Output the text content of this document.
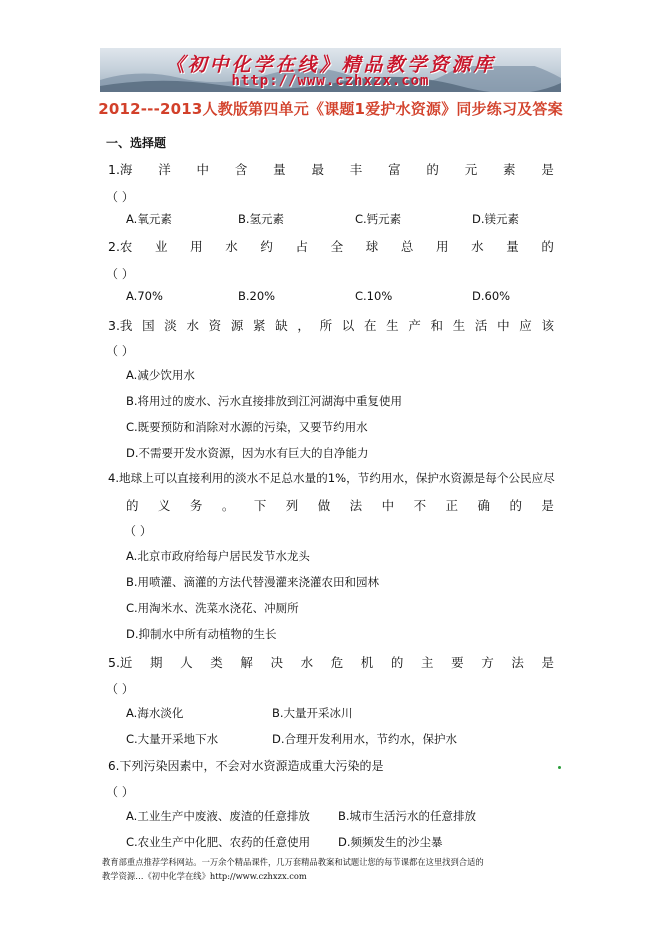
《初中化学在线》精品教学资源库
http://www.czhxzx.com
2012---2013人教版第四单元《课题1爱护水资源》同步练习及答案
一、选择题
1.海 洋 中 含 量 最 丰 富 的 元 素 是
（ ）
A.氧元素	B.氢元素	C.钙元素	D.镁元素
2.农 业 用 水 约 占 全 球 总 用 水 量 的
（ ）
A.70%	B.20%	C.10%	D.60%
3.我 国 淡 水 资 源 紧 缺 ， 所 以 在 生 产 和 生 活 中 应 该
（ ）
A.减少饮用水
B.将用过的废水、污水直接排放到江河湖海中重复使用
C.既要预防和消除对水源的污染，又要节约用水
D.不需要开发水资源，因为水有巨大的自净能力
4.地球上可以直接利用的淡水不足总水量的1%，节约用水，保护水资源是每个公民应尽
的 义 务 。 下 列 做 法 中 不 正 确 的 是
（ ）
A.北京市政府给每户居民发节水龙头
B.用喷灌、滴灌的方法代替漫灌来浇灌农田和园林
C.用淘米水、洗菜水浇花、冲厕所
D.抑制水中所有动植物的生长
5.近 期 人 类 解 决 水 危 机 的 主 要 方 法 是
（ ）
A.海水淡化	B.大量开采冰川
C.大量开采地下水	D.合理开发利用水，节约水，保护水
6.下列污染因素中，不会对水资源造成重大污染的是
（ ）
A.工业生产中废液、废渣的任意排放 B.城市生活污水的任意排放
C.农业生产中化肥、农药的任意使用 D.频频发生的沙尘暴
教育部重点推荐学科网站。一万余个精品课件，几万套精品教案和试题让您的每节课都在这里找到合适的
教学资源…《初中化学在线》http://www.czhxzx.com
